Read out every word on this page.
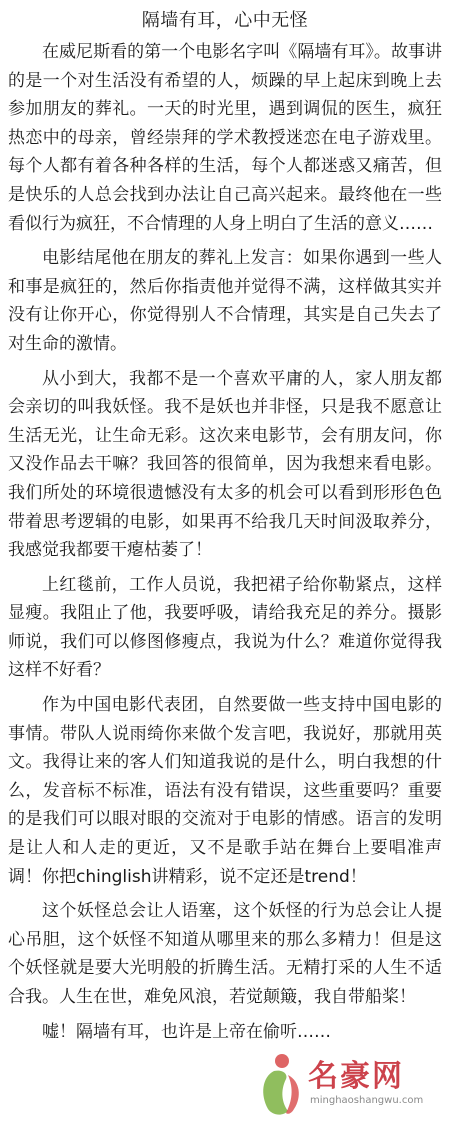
隔墙有耳，心中无怪

在威尼斯看的第一个电影名字叫《隔墙有耳》。故事讲的是一个对生活没有希望的人，烦躁的早上起床到晚上去参加朋友的葬礼。一天的时光里，遇到调侃的医生，疯狂热恋中的母亲，曾经崇拜的学术教授迷恋在电子游戏里。每个人都有着各种各样的生活，每个人都迷惑又痛苦，但是快乐的人总会找到办法让自己高兴起来。最终他在一些看似行为疯狂，不合情理的人身上明白了生活的意义……

电影结尾他在朋友的葬礼上发言：如果你遇到一些人和事是疯狂的，然后你指责他并觉得不满，这样做其实并没有让你开心，你觉得别人不合情理，其实是自己失去了对生命的激情。

从小到大，我都不是一个喜欢平庸的人，家人朋友都会亲切的叫我妖怪。我不是妖也并非怪，只是我不愿意让生活无光，让生命无彩。这次来电影节，会有朋友问，你又没作品去干嘛？我回答的很简单，因为我想来看电影。我们所处的环境很遗憾没有太多的机会可以看到形形色色带着思考逻辑的电影，如果再不给我几天时间汲取养分，我感觉我都要干瘪枯萎了！

上红毯前，工作人员说，我把裙子给你勒紧点，这样显瘦。我阻止了他，我要呼吸，请给我充足的养分。摄影师说，我们可以修图修瘦点，我说为什么？难道你觉得我这样不好看？

作为中国电影代表团，自然要做一些支持中国电影的事情。带队人说雨绮你来做个发言吧，我说好，那就用英文。我得让来的客人们知道我说的是什么，明白我想的什么，发音标不标准，语法有没有错误，这些重要吗？重要的是我们可以眼对眼的交流对于电影的情感。语言的发明是让人和人走的更近，又不是歌手站在舞台上要唱准声调！你把chinglish讲精彩，说不定还是trend！

这个妖怪总会让人语塞，这个妖怪的行为总会让人提心吊胆，这个妖怪不知道从哪里来的那么多精力！但是这个妖怪就是要大光明般的折腾生活。无精打采的人生不适合我。人生在世，难免风浪，若觉颠簸，我自带船桨！

嘘！隔墙有耳，也许是上帝在偷听……

名豪网
minghaoshangwu.com
